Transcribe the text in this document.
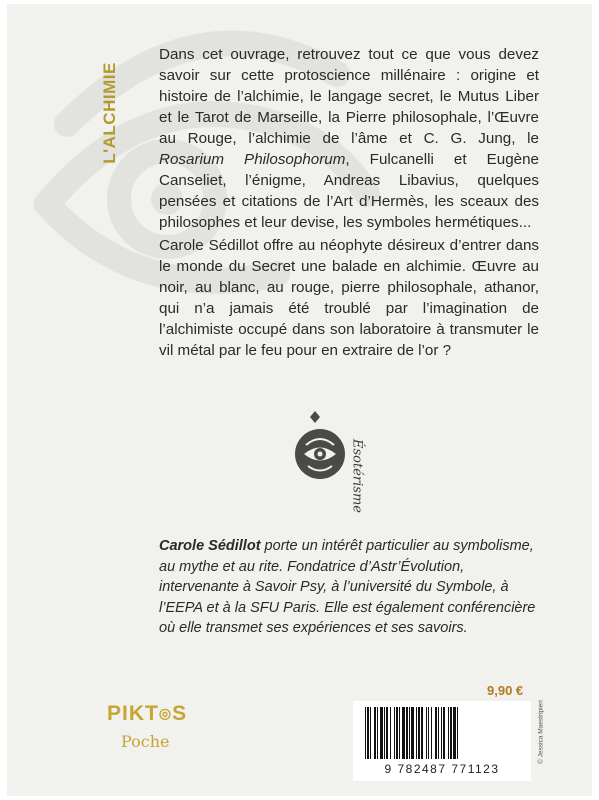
L'ALCHIMIE
Dans cet ouvrage, retrouvez tout ce que vous devez savoir sur cette protoscience millénaire : origine et histoire de l’alchimie, le langage secret, le Mutus Liber et le Tarot de Marseille, la Pierre philosophale, l’Œuvre au Rouge, l’alchimie de l’âme et C. G. Jung, le Rosarium Philosophorum, Fulcanelli et Eugène Canseliet, l’énigme, Andreas Libavius, quelques pensées et citations de l’Art d’Hermès, les sceaux des philosophes et leur devise, les symboles hermétiques...
Carole Sédillot offre au néophyte désireux d’entrer dans le monde du Secret une balade en alchimie. Œuvre au noir, au blanc, au rouge, pierre philosophale, athanor, qui n’a jamais été troublé par l’imagination de l’alchimiste occupé dans son laboratoire à transmuter le vil métal par le feu pour en extraire de l’or ?
Ésotérisme
Carole Sédillot porte un intérêt particulier au symbolisme, au mythe et au rite. Fondatrice d’Astr’Évolution, intervenante à Savoir Psy, à l’université du Symbole, à l’EEPA et à la SFU Paris. Elle est également conférencière où elle transmet ses expériences et ses savoirs.
9,90 €
9 782487 771123
© Jessica Maestripieri
PIKT◎S
Poche
